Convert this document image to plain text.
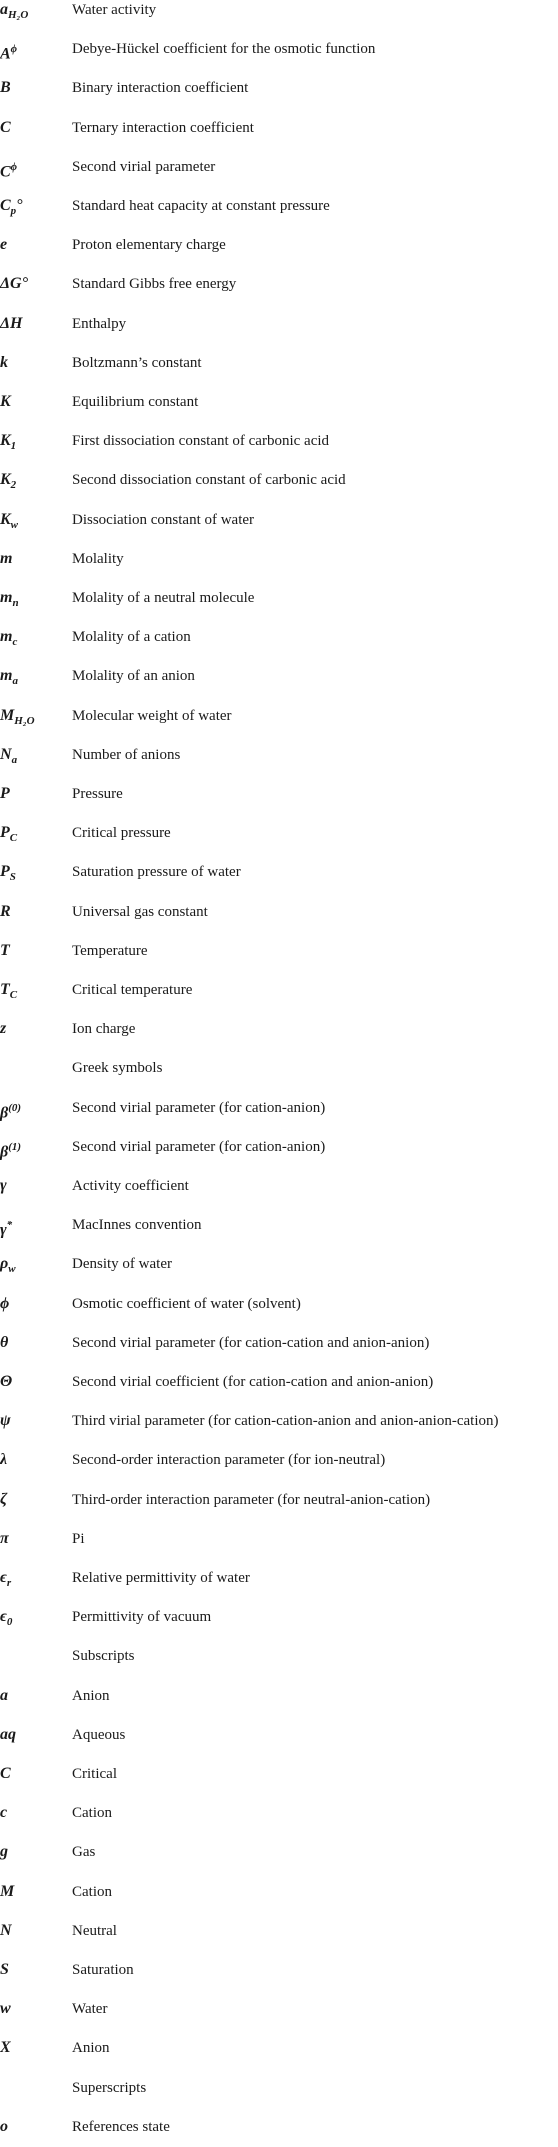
$a_{H_2O}$	Water activity
$A^\phi$	Debye-Hückel coefficient for the osmotic function
B	Binary interaction coefficient
C	Ternary interaction coefficient
$C^\phi$	Second virial parameter
$C_p^\circ$	Standard heat capacity at constant pressure
e	Proton elementary charge
ΔG°	Standard Gibbs free energy
ΔH	Enthalpy
k	Boltzmann’s constant
K	Equilibrium constant
$K_1$	First dissociation constant of carbonic acid
$K_2$	Second dissociation constant of carbonic acid
$K_w$	Dissociation constant of water
m	Molality
$m_n$	Molality of a neutral molecule
$m_c$	Molality of a cation
$m_a$	Molality of an anion
$M_{H_2O}$ Molecular weight of water
$N_a$	Number of anions
P	Pressure
$P_C$	Critical pressure
$P_S$	Saturation pressure of water
R	Universal gas constant
T	Temperature
$T_C$	Critical temperature
z	Ion charge
Greek symbols
$\beta^{(0)}$	Second virial parameter (for cation-anion)
$\beta^{(1)}$	Second virial parameter (for cation-anion)
γ	Activity coefficient
γ*	MacInnes convention
$\rho_w$	Density of water
ϕ	Osmotic coefficient of water (solvent)
θ	Second virial parameter (for cation-cation and anion-anion)
Θ	Second virial coefficient (for cation-cation and anion-anion)
ψ	Third virial parameter (for cation-cation-anion and anion-anion-cation)
λ	Second-order interaction parameter (for ion-neutral)
ζ	Third-order interaction parameter (for neutral-anion-cation)
π	Pi
$\epsilon_r$	Relative permittivity of water
$\epsilon_0$	Permittivity of vacuum
Subscripts
a	Anion
aq	Aqueous
C	Critical
c	Cation
g	Gas
M	Cation
N	Neutral
S	Saturation
w	Water
X	Anion
Superscripts
o	References state
